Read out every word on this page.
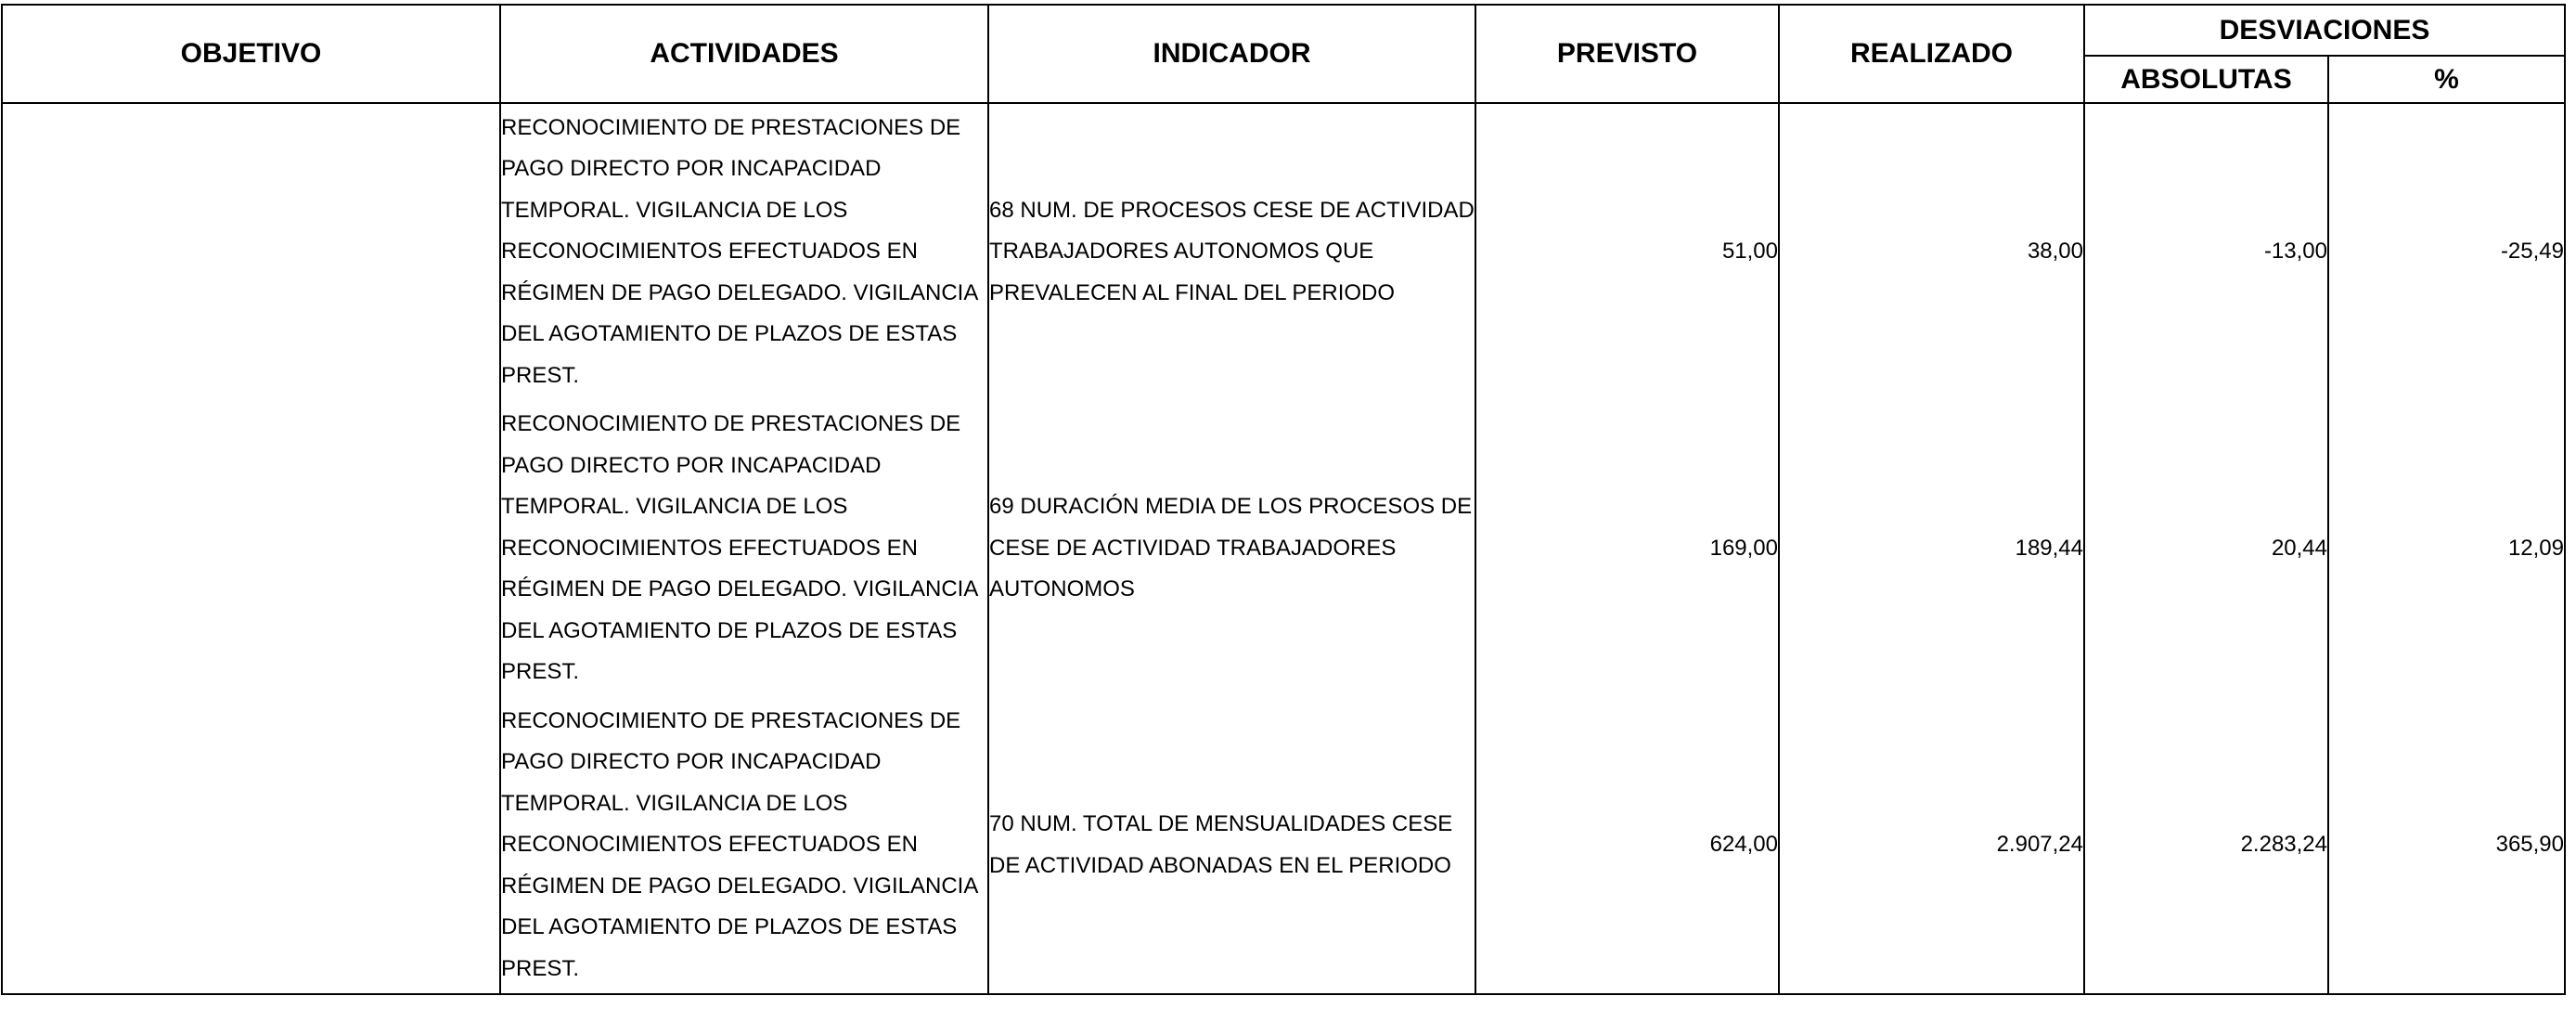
OBJETIVO	ACTIVIDADES	INDICADOR	PREVISTO	REALIZADO	DESVIACIONES	
					ABSOLUTAS	%

	RECONOCIMIENTO DE PRESTACIONES DE PAGO DIRECTO POR INCAPACIDAD TEMPORAL. VIGILANCIA DE LOS RECONOCIMIENTOS EFECTUADOS EN RÉGIMEN DE PAGO DELEGADO. VIGILANCIA DEL AGOTAMIENTO DE PLAZOS DE ESTAS PREST.	68 NUM. DE PROCESOS CESE DE ACTIVIDAD TRABAJADORES AUTONOMOS QUE PREVALECEN AL FINAL DEL PERIODO	51,00	38,00	-13,00	-25,49

	RECONOCIMIENTO DE PRESTACIONES DE PAGO DIRECTO POR INCAPACIDAD TEMPORAL. VIGILANCIA DE LOS RECONOCIMIENTOS EFECTUADOS EN RÉGIMEN DE PAGO DELEGADO. VIGILANCIA DEL AGOTAMIENTO DE PLAZOS DE ESTAS PREST.	69 DURACIÓN MEDIA DE LOS PROCESOS DE CESE DE ACTIVIDAD TRABAJADORES AUTONOMOS	169,00	189,44	20,44	12,09

	RECONOCIMIENTO DE PRESTACIONES DE PAGO DIRECTO POR INCAPACIDAD TEMPORAL. VIGILANCIA DE LOS RECONOCIMIENTOS EFECTUADOS EN RÉGIMEN DE PAGO DELEGADO. VIGILANCIA DEL AGOTAMIENTO DE PLAZOS DE ESTAS PREST.	70 NUM. TOTAL DE MENSUALIDADES CESE DE ACTIVIDAD ABONADAS EN EL PERIODO	624,00	2.907,24	2.283,24	365,90
